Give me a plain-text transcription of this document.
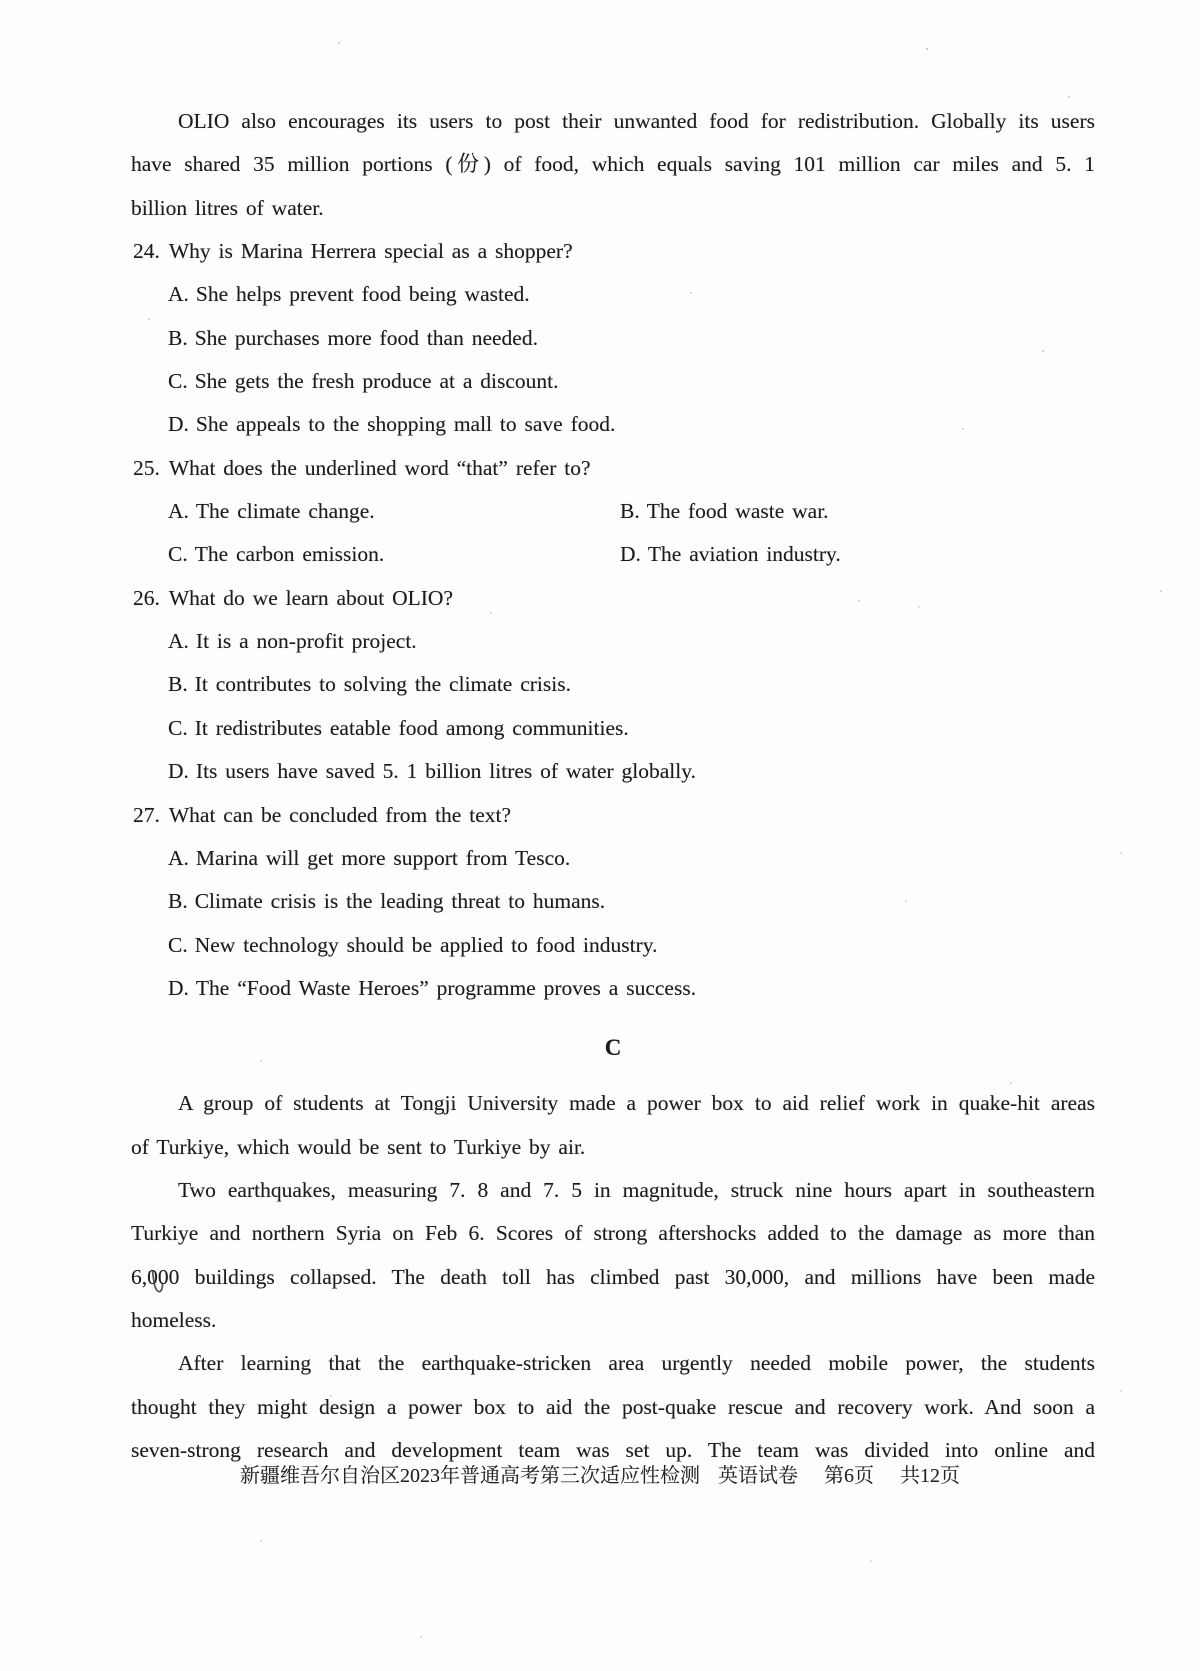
OLIO also encourages its users to post their unwanted food for redistribution. Globally its users
have shared 35 million portions (份) of food, which equals saving 101 million car miles and 5. 1
billion litres of water.
24. Why is Marina Herrera special as a shopper?
A. She helps prevent food being wasted.
B. She purchases more food than needed.
C. She gets the fresh produce at a discount.
D. She appeals to the shopping mall to save food.
25. What does the underlined word “that” refer to?
A. The climate change.	B. The food waste war.
C. The carbon emission.	D. The aviation industry.
26. What do we learn about OLIO?
A. It is a non-profit project.
B. It contributes to solving the climate crisis.
C. It redistributes eatable food among communities.
D. Its users have saved 5. 1 billion litres of water globally.
27. What can be concluded from the text?
A. Marina will get more support from Tesco.
B. Climate crisis is the leading threat to humans.
C. New technology should be applied to food industry.
D. The “Food Waste Heroes” programme proves a success.
C
A group of students at Tongji University made a power box to aid relief work in quake-hit areas
of Turkiye, which would be sent to Turkiye by air.
Two earthquakes, measuring 7. 8 and 7. 5 in magnitude, struck nine hours apart in southeastern
Turkiye and northern Syria on Feb 6. Scores of strong aftershocks added to the damage as more than
6,000 buildings collapsed. The death toll has climbed past 30,000, and millions have been made
homeless.
After learning that the earthquake-stricken area urgently needed mobile power, the students
thought they might design a power box to aid the post-quake rescue and recovery work. And soon a
seven-strong research and development team was set up. The team was divided into online and
新疆维吾尔自治区2023年普通高考第三次适应性检测 英语试卷 第6页 共12页
